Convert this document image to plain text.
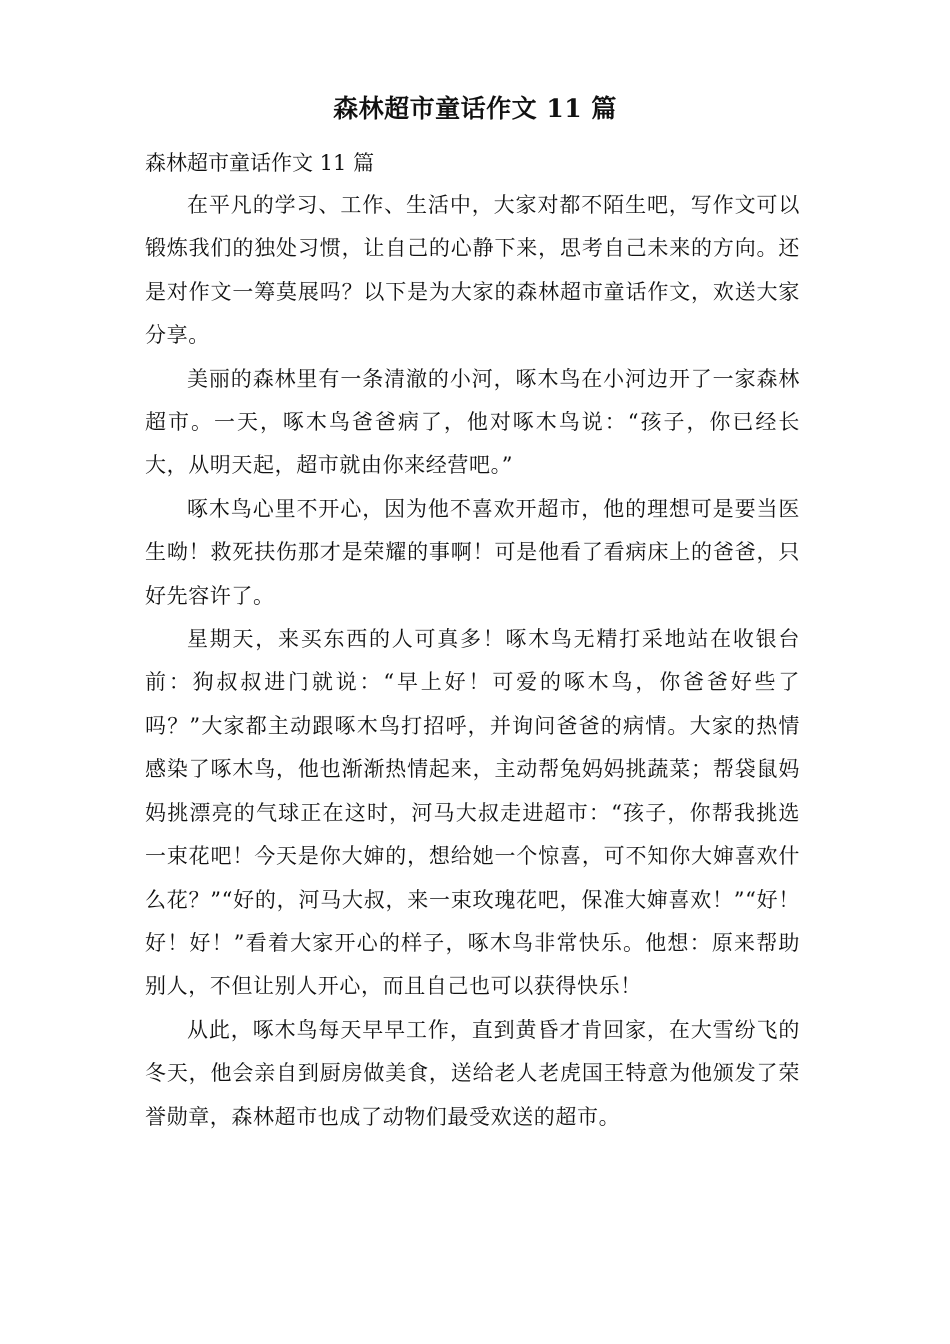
森林超市童话作文 11 篇

森林超市童话作文 11 篇

在平凡的学习、工作、生活中，大家对都不陌生吧，写作文可以锻炼我们的独处习惯，让自己的心静下来，思考自己未来的方向。还是对作文一筹莫展吗？以下是为大家的森林超市童话作文，欢送大家分享。

美丽的森林里有一条清澈的小河，啄木鸟在小河边开了一家森林超市。一天，啄木鸟爸爸病了，他对啄木鸟说：“孩子，你已经长大，从明天起，超市就由你来经营吧。”

啄木鸟心里不开心，因为他不喜欢开超市，他的理想可是要当医生呦！救死扶伤那才是荣耀的事啊！可是他看了看病床上的爸爸，只好先容许了。

星期天，来买东西的人可真多！啄木鸟无精打采地站在收银台前：狗叔叔进门就说：“早上好！可爱的啄木鸟，你爸爸好些了吗？”大家都主动跟啄木鸟打招呼，并询问爸爸的病情。大家的热情感染了啄木鸟，他也渐渐热情起来，主动帮兔妈妈挑蔬菜；帮袋鼠妈妈挑漂亮的气球正在这时，河马大叔走进超市：“孩子，你帮我挑选一束花吧！今天是你大婶的，想给她一个惊喜，可不知你大婶喜欢什么花？”“好的，河马大叔，来一束玫瑰花吧，保准大婶喜欢！”“好！好！好！”看着大家开心的样子，啄木鸟非常快乐。他想：原来帮助别人，不但让别人开心，而且自己也可以获得快乐！

从此，啄木鸟每天早早工作，直到黄昏才肯回家，在大雪纷飞的冬天，他会亲自到厨房做美食，送给老人老虎国王特意为他颁发了荣誉勋章，森林超市也成了动物们最受欢送的超市。
